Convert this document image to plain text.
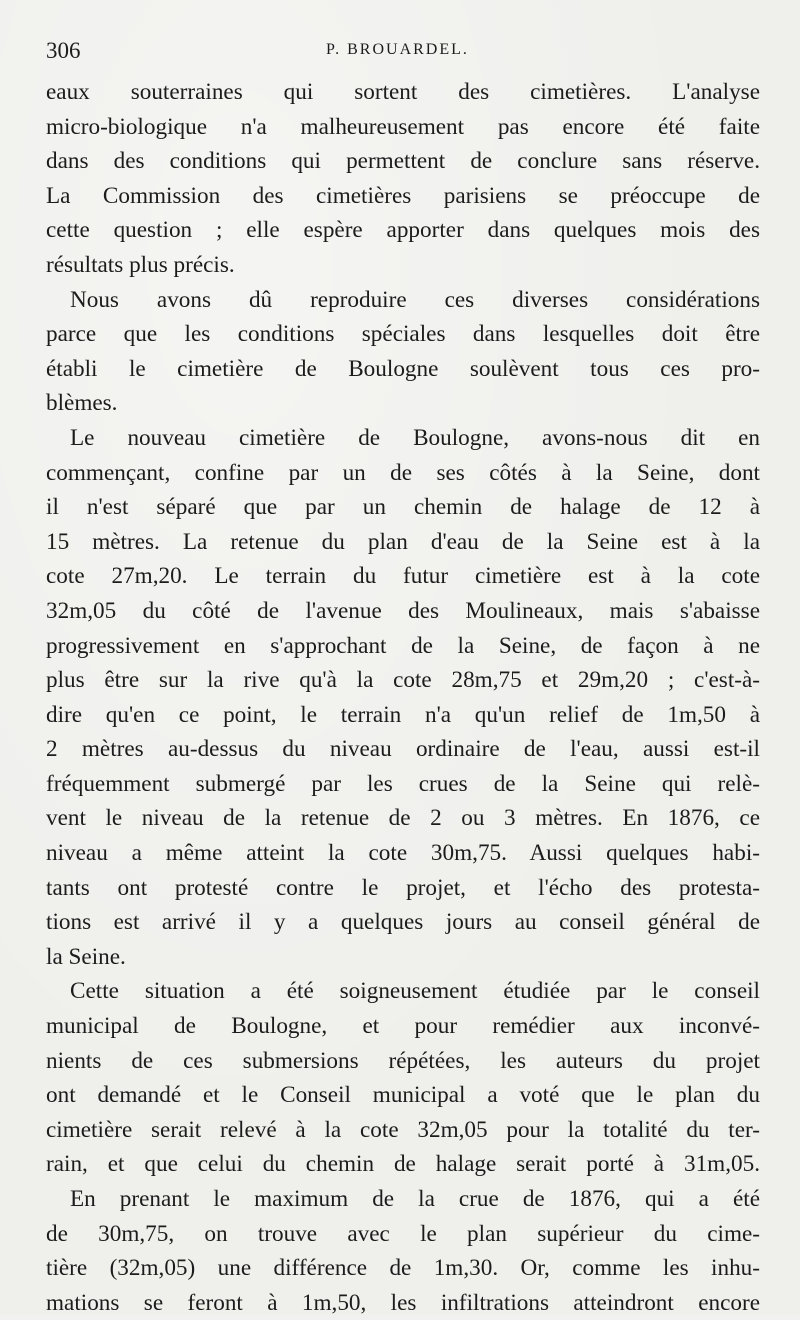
306	P. BROUARDEL.
eaux souterraines qui sortent des cimetières. L'analyse
micro-biologique n'a malheureusement pas encore été faite
dans des conditions qui permettent de conclure sans réserve.
La Commission des cimetières parisiens se préoccupe de
cette question ; elle espère apporter dans quelques mois des
résultats plus précis.
Nous avons dû reproduire ces diverses considérations
parce que les conditions spéciales dans lesquelles doit être
établi le cimetière de Boulogne soulèvent tous ces pro-
blèmes.
Le nouveau cimetière de Boulogne, avons-nous dit en
commençant, confine par un de ses côtés à la Seine, dont
il n'est séparé que par un chemin de halage de 12 à
15 mètres. La retenue du plan d'eau de la Seine est à la
cote 27m,20. Le terrain du futur cimetière est à la cote
32m,05 du côté de l'avenue des Moulineaux, mais s'abaisse
progressivement en s'approchant de la Seine, de façon à ne
plus être sur la rive qu'à la cote 28m,75 et 29m,20 ; c'est-à-
dire qu'en ce point, le terrain n'a qu'un relief de 1m,50 à
2 mètres au-dessus du niveau ordinaire de l'eau, aussi est-il
fréquemment submergé par les crues de la Seine qui relè-
vent le niveau de la retenue de 2 ou 3 mètres. En 1876, ce
niveau a même atteint la cote 30m,75. Aussi quelques habi-
tants ont protesté contre le projet, et l'écho des protesta-
tions est arrivé il y a quelques jours au conseil général de
la Seine.
Cette situation a été soigneusement étudiée par le conseil
municipal de Boulogne, et pour remédier aux inconvé-
nients de ces submersions répétées, les auteurs du projet
ont demandé et le Conseil municipal a voté que le plan du
cimetière serait relevé à la cote 32m,05 pour la totalité du ter-
rain, et que celui du chemin de halage serait porté à 31m,05.
En prenant le maximum de la crue de 1876, qui a été
de 30m,75, on trouve avec le plan supérieur du cime-
tière (32m,05) une différence de 1m,30. Or, comme les inhu-
mations se feront à 1m,50, les infiltrations atteindront encore
